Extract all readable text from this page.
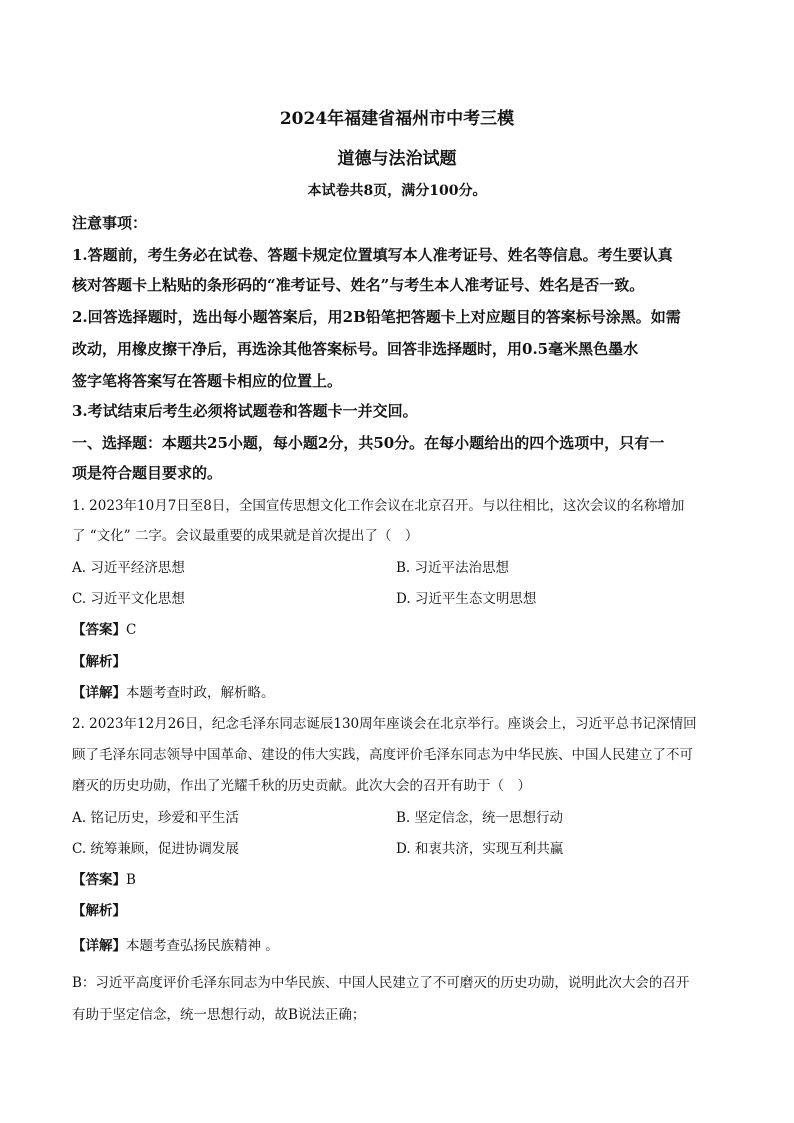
2024年福建省福州市中考三模
道德与法治试题
本试卷共8页，满分100分。
注意事项：
1.答题前，考生务必在试卷、答题卡规定位置填写本人准考证号、姓名等信息。考生要认真
核对答题卡上粘贴的条形码的“准考证号、姓名”与考生本人准考证号、姓名是否一致。
2.回答选择题时，选出每小题答案后，用2B铅笔把答题卡上对应题目的答案标号涂黑。如需
改动，用橡皮擦干净后，再选涂其他答案标号。回答非选择题时，用0.5毫米黑色墨水
签字笔将答案写在答题卡相应的位置上。
3.考试结束后考生必须将试题卷和答题卡一并交回。
一、选择题：本题共25小题，每小题2分，共50分。在每小题给出的四个选项中，只有一
项是符合题目要求的。
1. 2023年10月7日至8日，全国宣传思想文化工作会议在北京召开。与以往相比，这次会议的名称增加
了 “文化” 二字。会议最重要的成果就是首次提出了（　）
A. 习近平经济思想	B. 习近平法治思想
C. 习近平文化思想	D. 习近平生态文明思想
【答案】C
【解析】
【详解】本题考查时政，解析略。
2. 2023年12月26日，纪念毛泽东同志诞辰130周年座谈会在北京举行。座谈会上，习近平总书记深情回
顾了毛泽东同志领导中国革命、建设的伟大实践，高度评价毛泽东同志为中华民族、中国人民建立了不可
磨灭的历史功勋，作出了光耀千秋的历史贡献。此次大会的召开有助于（　）
A. 铭记历史，珍爱和平生活	B. 坚定信念，统一思想行动
C. 统筹兼顾，促进协调发展	D. 和衷共济，实现互利共赢
【答案】B
【解析】
【详解】本题考查弘扬民族精神 。
B：习近平高度评价毛泽东同志为中华民族、中国人民建立了不可磨灭的历史功勋，说明此次大会的召开
有助于坚定信念，统一思想行动，故B说法正确；
